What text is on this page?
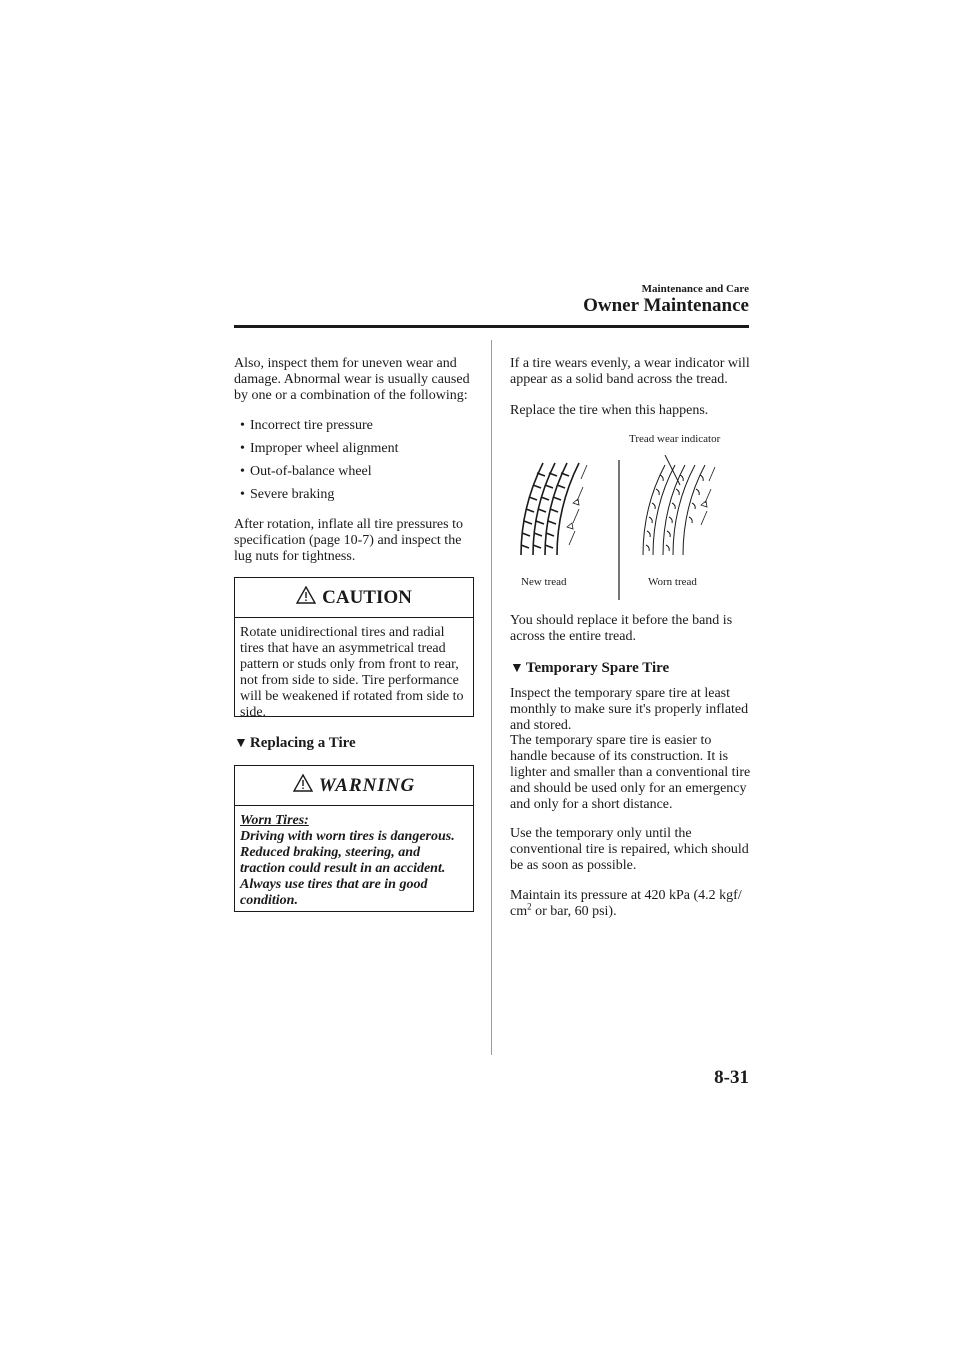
Maintenance and Care
Owner Maintenance

Also, inspect them for uneven wear and damage. Abnormal wear is usually caused by one or a combination of the following:

• Incorrect tire pressure
• Improper wheel alignment
• Out-of-balance wheel
• Severe braking

After rotation, inflate all tire pressures to specification (page 10-7) and inspect the lug nuts for tightness.

CAUTION
Rotate unidirectional tires and radial tires that have an asymmetrical tread pattern or studs only from front to rear, not from side to side. Tire performance will be weakened if rotated from side to side.
▼ Replacing a Tire
WARNING
Worn Tires:
Driving with worn tires is dangerous. Reduced braking, steering, and traction could result in an accident. Always use tires that are in good condition.

If a tire wears evenly, a wear indicator will appear as a solid band across the tread.

Replace the tire when this happens.

Tread wear indicator
New tread	Worn tread

You should replace it before the band is across the entire tread.

▼ Temporary Spare Tire

Inspect the temporary spare tire at least monthly to make sure it's properly inflated and stored.

The temporary spare tire is easier to handle because of its construction. It is lighter and smaller than a conventional tire and should be used only for an emergency and only for a short distance.

Use the temporary only until the conventional tire is repaired, which should be as soon as possible.

Maintain its pressure at 420 kPa (4.2 kgf/ $cm^2$ or bar, 60 psi).

8-31
